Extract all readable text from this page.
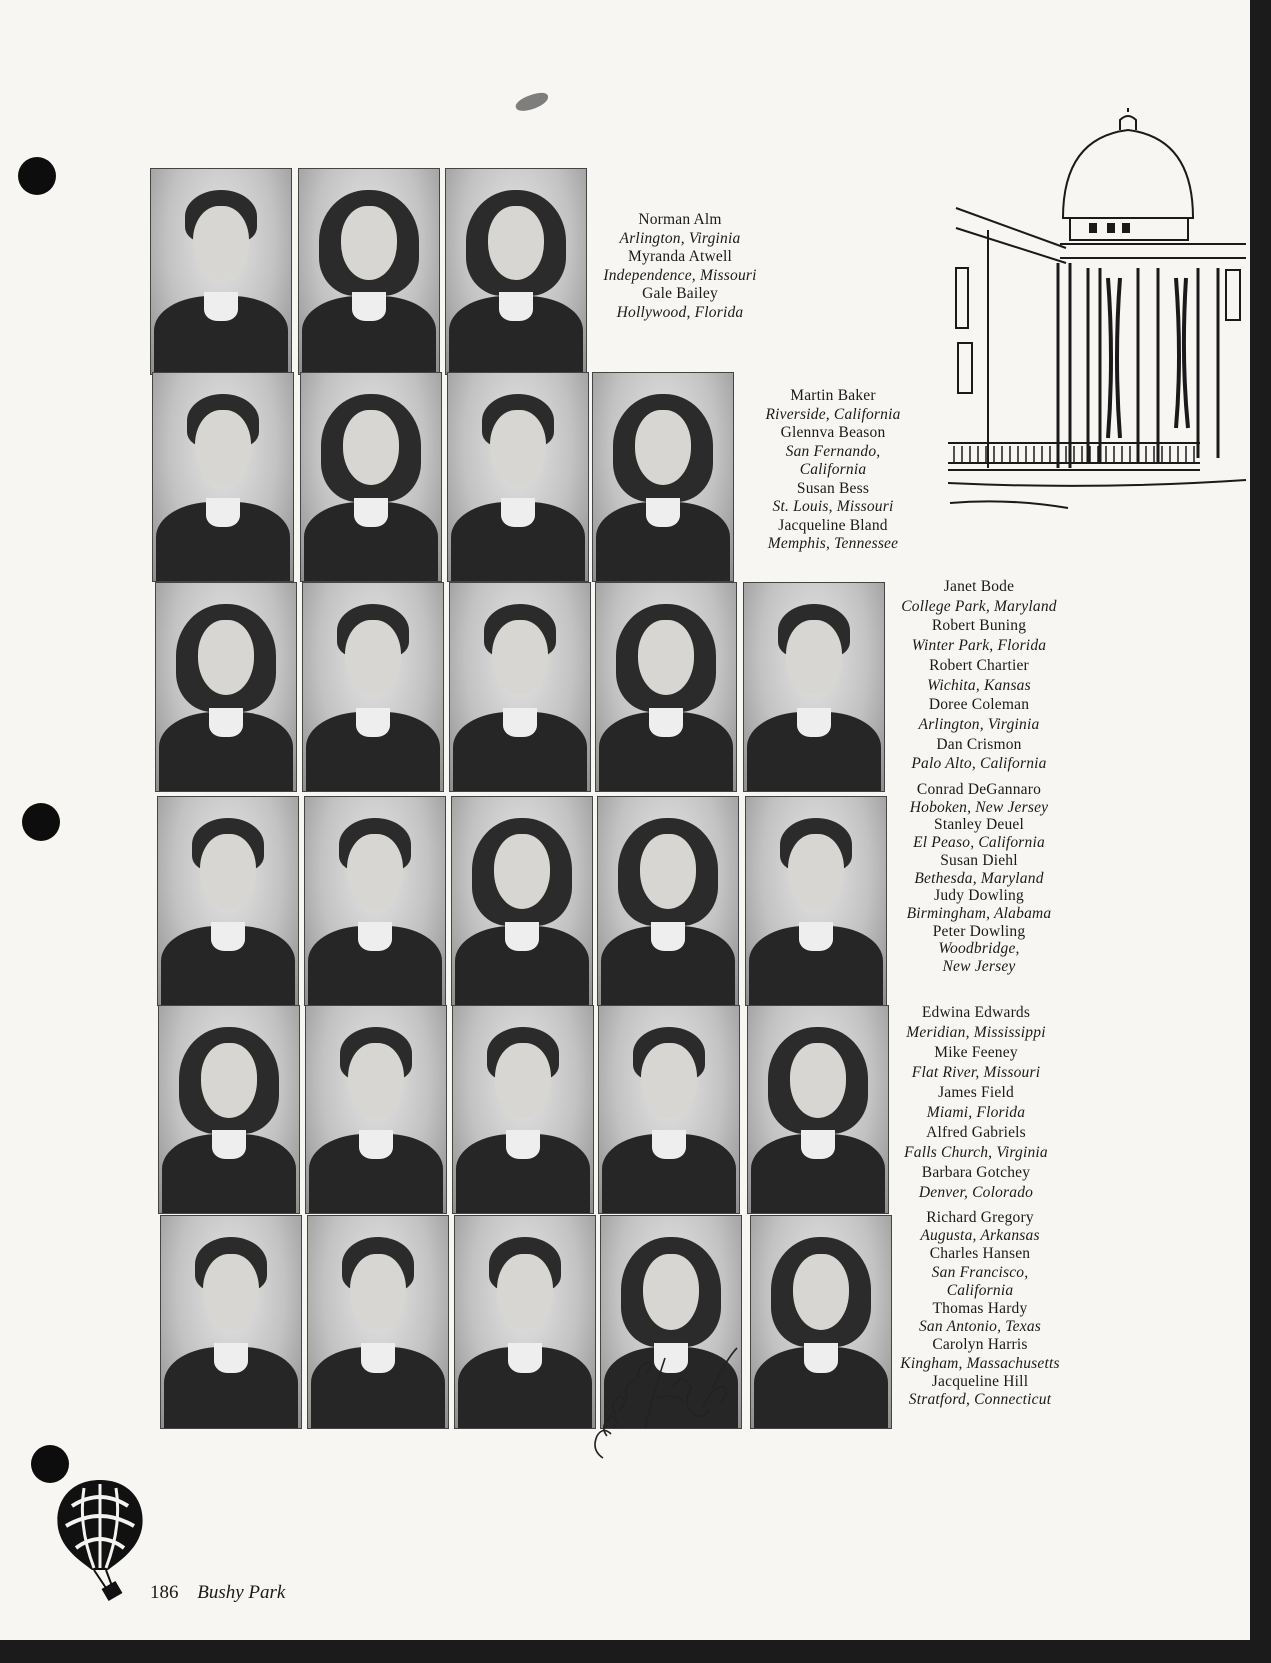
Norman Alm
Arlington, Virginia
Myranda Atwell
Independence, Missouri
Gale Bailey
Hollywood, Florida
Martin Baker
Riverside, California
Glennva Beason
San Fernando, California
Susan Bess
St. Louis, Missouri
Jacqueline Bland
Memphis, Tennessee
Janet Bode
College Park, Maryland
Robert Buning
Winter Park, Florida
Robert Chartier
Wichita, Kansas
Doree Coleman
Arlington, Virginia
Dan Crismon
Palo Alto, California
Conrad DeGannaro
Hoboken, New Jersey
Stanley Deuel
El Peaso, California
Susan Diehl
Bethesda, Maryland
Judy Dowling
Birmingham, Alabama
Peter Dowling
Woodbridge, New Jersey
Edwina Edwards
Meridian, Mississippi
Mike Feeney
Flat River, Missouri
James Field
Miami, Florida
Alfred Gabriels
Falls Church, Virginia
Barbara Gotchey
Denver, Colorado
Richard Gregory
Augusta, Arkansas
Charles Hansen
San Francisco, California
Thomas Hardy
San Antonio, Texas
Carolyn Harris
Kingham, Massachusetts
Jacqueline Hill
Stratford, Connecticut
186 Bushy Park
